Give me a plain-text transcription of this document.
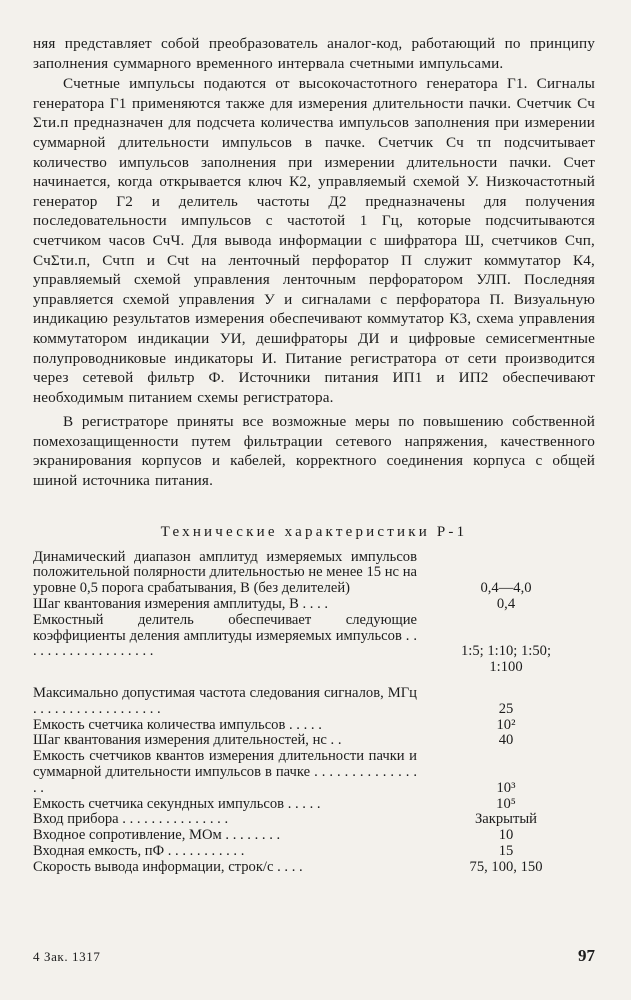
няя представляет собой преобразователь аналог-код, работающий по принципу заполнения суммарного временного интервала счетными импульсами.

Счетные импульсы подаются от высокочастотного генератора Г1. Сигналы генератора Г1 применяются также для измерения длительности пачки. Счетчик Сч Στи.п предназначен для подсчета количества импульсов заполнения при измерении суммарной длительности импульсов в пачке. Счетчик Сч τп подсчитывает количество импульсов заполнения при измерении длительности пачки. Счет начинается, когда открывается ключ К2, управляемый схемой У. Низкочастотный генератор Г2 и делитель частоты Д2 предназначены для получения последовательности импульсов с частотой 1 Гц, которые подсчитываются счетчиком часов СчЧ. Для вывода информации с шифратора Ш, счетчиков Счп, СчΣτи.п, Счτп и Счt на ленточный перфоратор П служит коммутатор К4, управляемый схемой управления ленточным перфоратором УЛП. Последняя управляется схемой управления У и сигналами с перфоратора П. Визуальную индикацию результатов измерения обеспечивают коммутатор К3, схема управления коммутатором индикации УИ, дешифраторы ДИ и цифровые семисегментные полупроводниковые индикаторы И. Питание регистратора от сети производится через сетевой фильтр Ф. Источники питания ИП1 и ИП2 обеспечивают необходимым питанием схемы регистратора.

В регистраторе приняты все возможные меры по повышению собственной помехозащищенности путем фильтрации сетевого напряжения, качественного экранирования корпусов и кабелей, корректного соединения корпуса с общей шиной источника питания.

Технические характеристики Р-1
Динамический диапазон амплитуд измеряемых импульсов положительной полярности длительностью не менее 15 нс на уровне 0,5 порога срабатывания, В (без делителей)	0,4—4,0
Шаг квантования измерения амплитуды, В . . . .	0,4
Емкостный делитель обеспечивает следующие коэффициенты деления амплитуды измеряемых импульсов . . . . . . . . . . . . . . . . . . .	1:5; 1:10; 1:50;
1:100
Максимально допустимая частота следования сигналов, МГц . . . . . . . . . . . . . . . . . .	25
Емкость счетчика количества импульсов . . . . .	10²
Шаг квантования измерения длительностей, нс . .	40
Емкость счетчиков квантов измерения длительности пачки и суммарной длительности импульсов в пачке . . . . . . . . . . . . . . . .	10³
Емкость счетчика секундных импульсов . . . . .	10⁵
Вход прибора . . . . . . . . . . . . . . .	Закрытый
Входное сопротивление, МОм . . . . . . . .	10
Входная емкость, пФ . . . . . . . . . . .	15
Скорость вывода информации, строк/с . . . .	75, 100, 150
4 Зак. 1317	97
